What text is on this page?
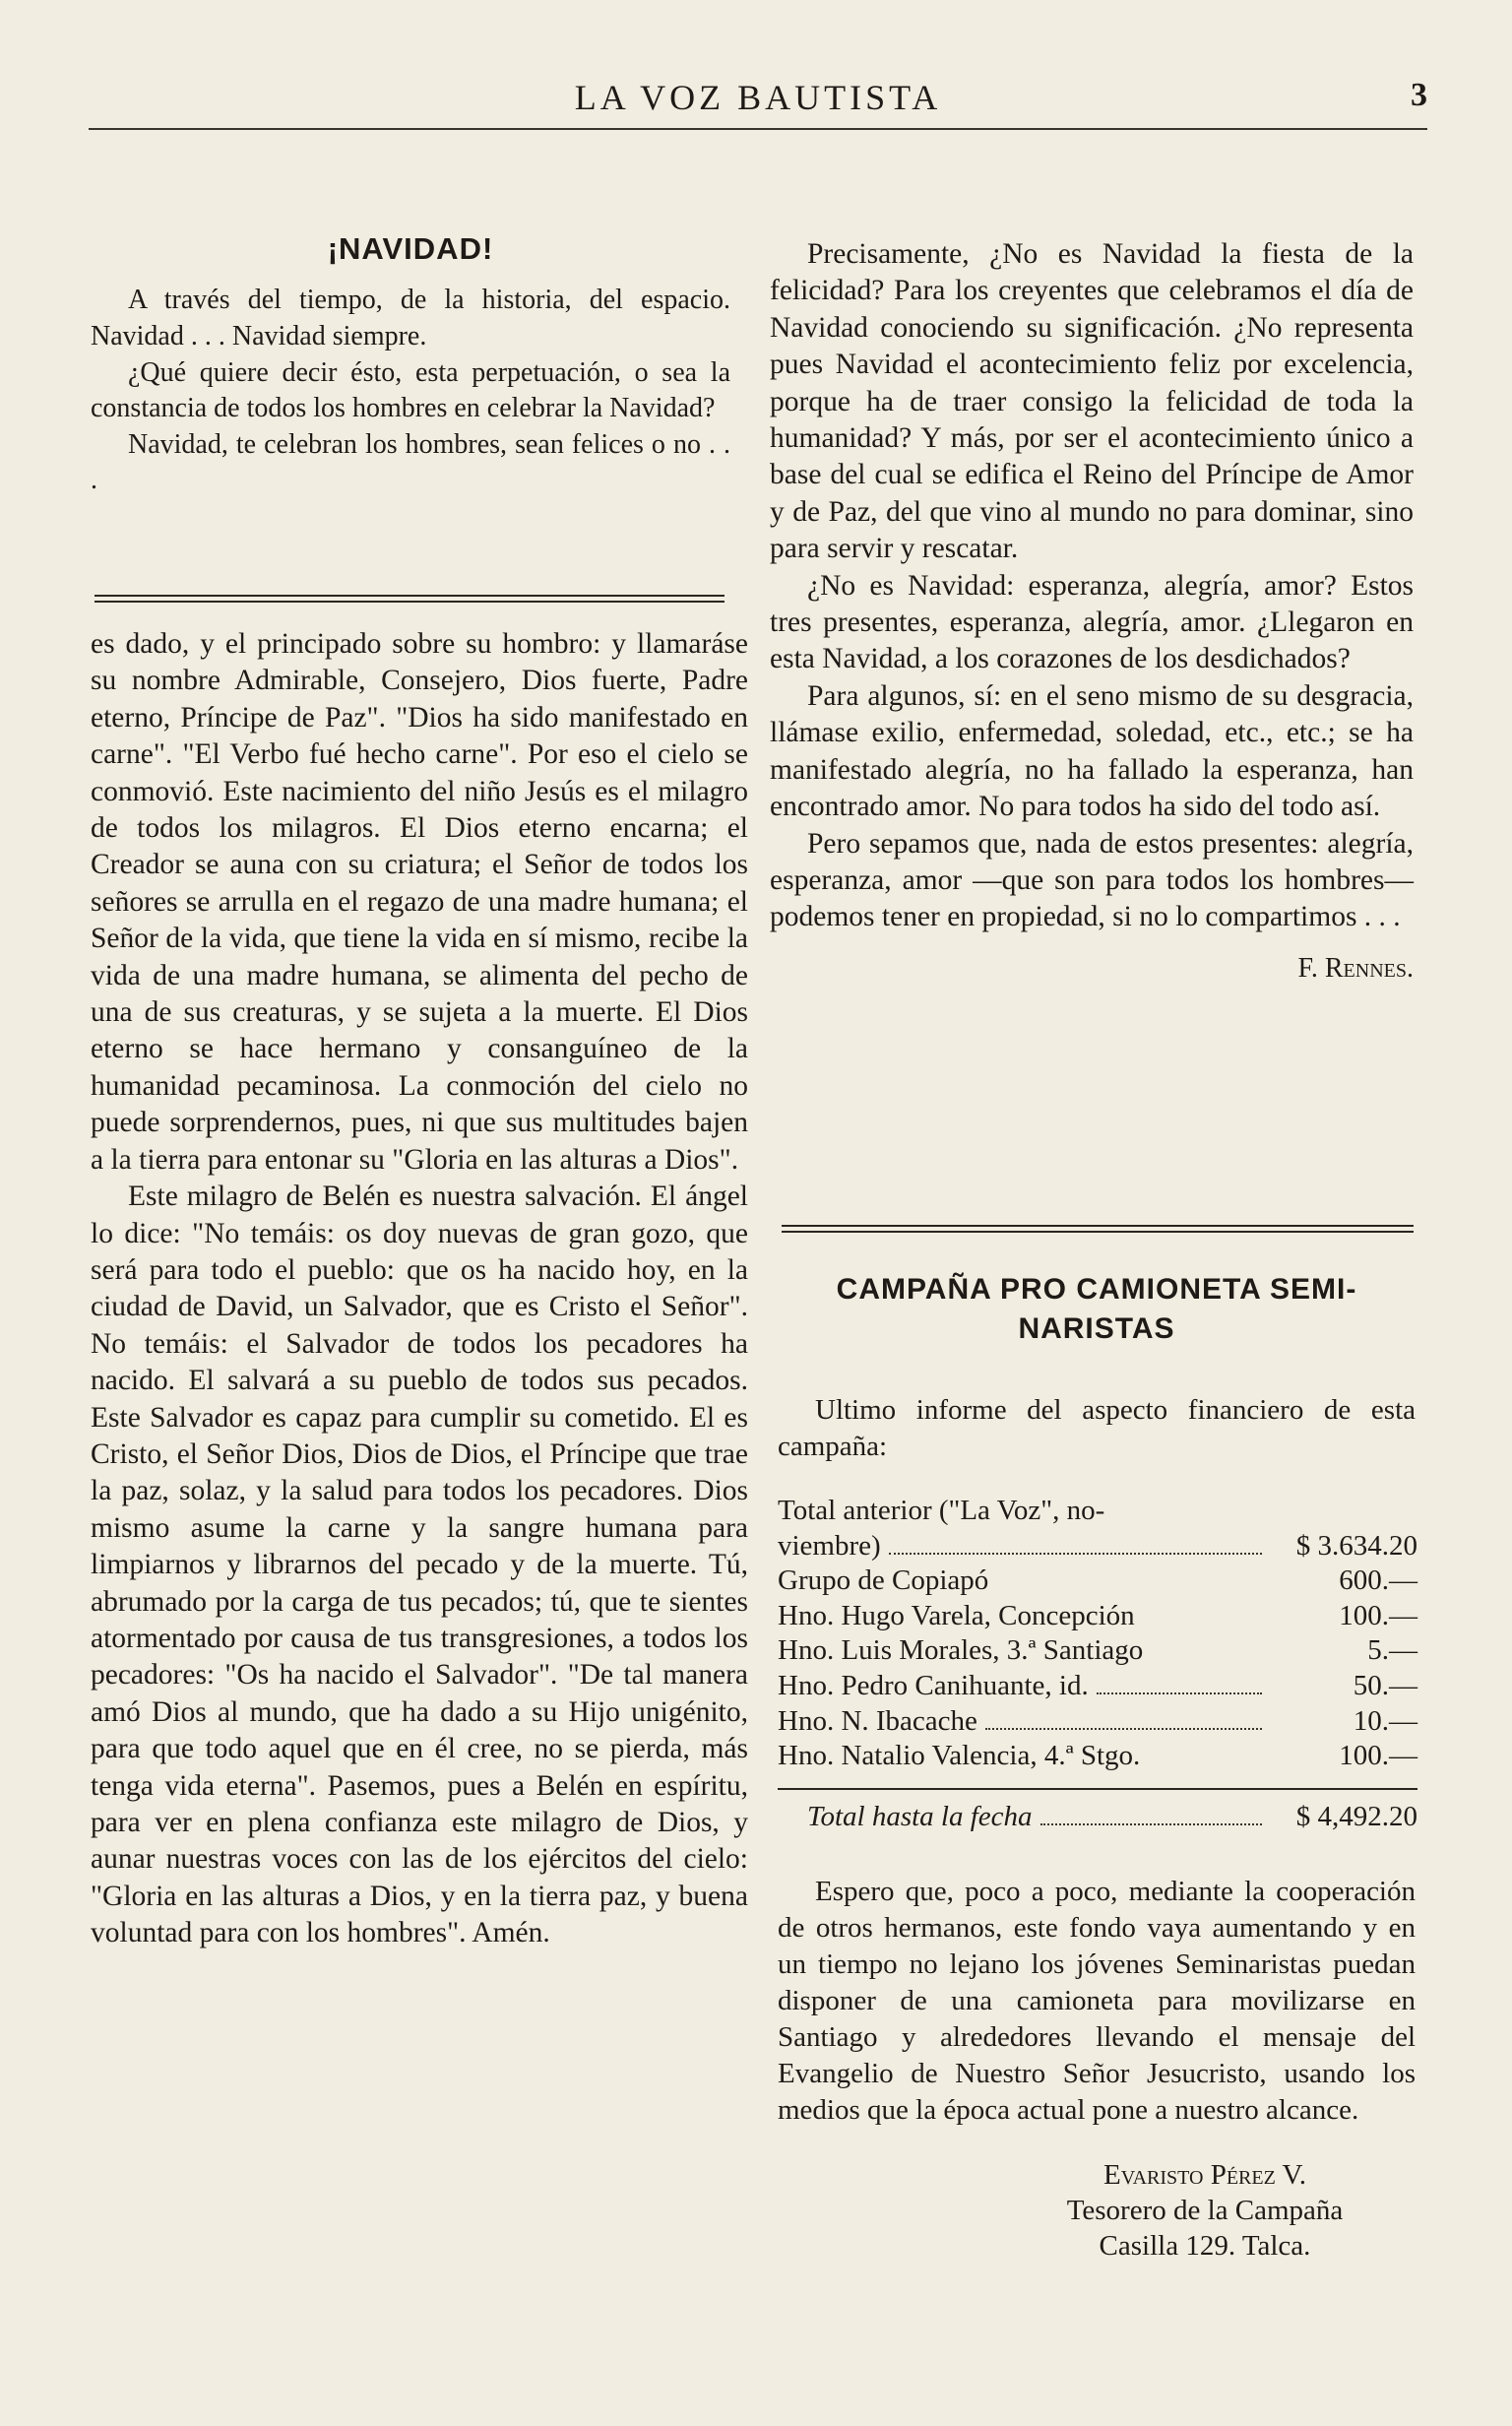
LA VOZ BAUTISTA	3
¡NAVIDAD!

A través del tiempo, de la historia, del espacio. Navidad . . . Navidad siempre.

¿Qué quiere decir ésto, esta perpetuación, o sea la constancia de todos los hombres en celebrar la Navidad?

Navidad, te celebran los hombres, sean felices o no . . .

es dado, y el principado sobre su hombro: y llamaráse su nombre Admirable, Consejero, Dios fuerte, Padre eterno, Príncipe de Paz". "Dios ha sido manifestado en carne". "El Verbo fué hecho carne". Por eso el cielo se conmovió. Este nacimiento del niño Jesús es el milagro de todos los milagros. El Dios eterno encarna; el Creador se auna con su criatura; el Señor de todos los señores se arrulla en el regazo de una madre humana; el Señor de la vida, que tiene la vida en sí mismo, recibe la vida de una madre humana, se alimenta del pecho de una de sus creaturas, y se sujeta a la muerte. El Dios eterno se hace hermano y consanguíneo de la humanidad pecaminosa. La conmoción del cielo no puede sorprendernos, pues, ni que sus multitudes bajen a la tierra para entonar su "Gloria en las alturas a Dios".

Este milagro de Belén es nuestra salvación. El ángel lo dice: "No temáis: os doy nuevas de gran gozo, que será para todo el pueblo: que os ha nacido hoy, en la ciudad de David, un Salvador, que es Cristo el Señor". No temáis: el Salvador de todos los pecadores ha nacido. El salvará a su pueblo de todos sus pecados. Este Salvador es capaz para cumplir su cometido. El es Cristo, el Señor Dios, Dios de Dios, el Príncipe que trae la paz, solaz, y la salud para todos los pecadores. Dios mismo asume la carne y la sangre humana para limpiarnos y librarnos del pecado y de la muerte. Tú, abrumado por la carga de tus pecados; tú, que te sientes atormentado por causa de tus transgresiones, a todos los pecadores: "Os ha nacido el Salvador". "De tal manera amó Dios al mundo, que ha dado a su Hijo unigénito, para que todo aquel que en él cree, no se pierda, más tenga vida eterna". Pasemos, pues a Belén en espíritu, para ver en plena confianza este milagro de Dios, y aunar nuestras voces con las de los ejércitos del cielo: "Gloria en las alturas a Dios, y en la tierra paz, y buena voluntad para con los hombres". Amén.

Precisamente, ¿No es Navidad la fiesta de la felicidad? Para los creyentes que celebramos el día de Navidad conociendo su significación. ¿No representa pues Navidad el acontecimiento feliz por excelencia, porque ha de traer consigo la felicidad de toda la humanidad? Y más, por ser el acontecimiento único a base del cual se edifica el Reino del Príncipe de Amor y de Paz, del que vino al mundo no para dominar, sino para servir y rescatar.

¿No es Navidad: esperanza, alegría, amor? Estos tres presentes, esperanza, alegría, amor. ¿Llegaron en esta Navidad, a los corazones de los desdichados?

Para algunos, sí: en el seno mismo de su desgracia, llámase exilio, enfermedad, soledad, etc., etc.; se ha manifestado alegría, no ha fallado la esperanza, han encontrado amor. No para todos ha sido del todo así.

Pero sepamos que, nada de estos presentes: alegría, esperanza, amor —que son para todos los hombres— podemos tener en propiedad, si no lo compartimos . . .

F. Rennes.
CAMPAÑA PRO CAMIONETA SEMI-
NARISTAS

Ultimo informe del aspecto financiero de esta campaña:

Total anterior ("La Voz", no-
viembre)	$ 3.634.20
Grupo de Copiapó	600.—
Hno. Hugo Varela, Concepción	100.—
Hno. Luis Morales, 3.ª Santiago	5.—
Hno. Pedro Canihuante, id.	50.—
Hno. N. Ibacache	10.—
Hno. Natalio Valencia, 4.ª Stgo.	100.—
Total hasta la fecha	$ 4,492.20

Espero que, poco a poco, mediante la cooperación de otros hermanos, este fondo vaya aumentando y en un tiempo no lejano los jóvenes Seminaristas puedan disponer de una camioneta para movilizarse en Santiago y alrededores llevando el mensaje del Evangelio de Nuestro Señor Jesucristo, usando los medios que la época actual pone a nuestro alcance.

Evaristo Pérez V.
Tesorero de la Campaña
Casilla 129. Talca.
